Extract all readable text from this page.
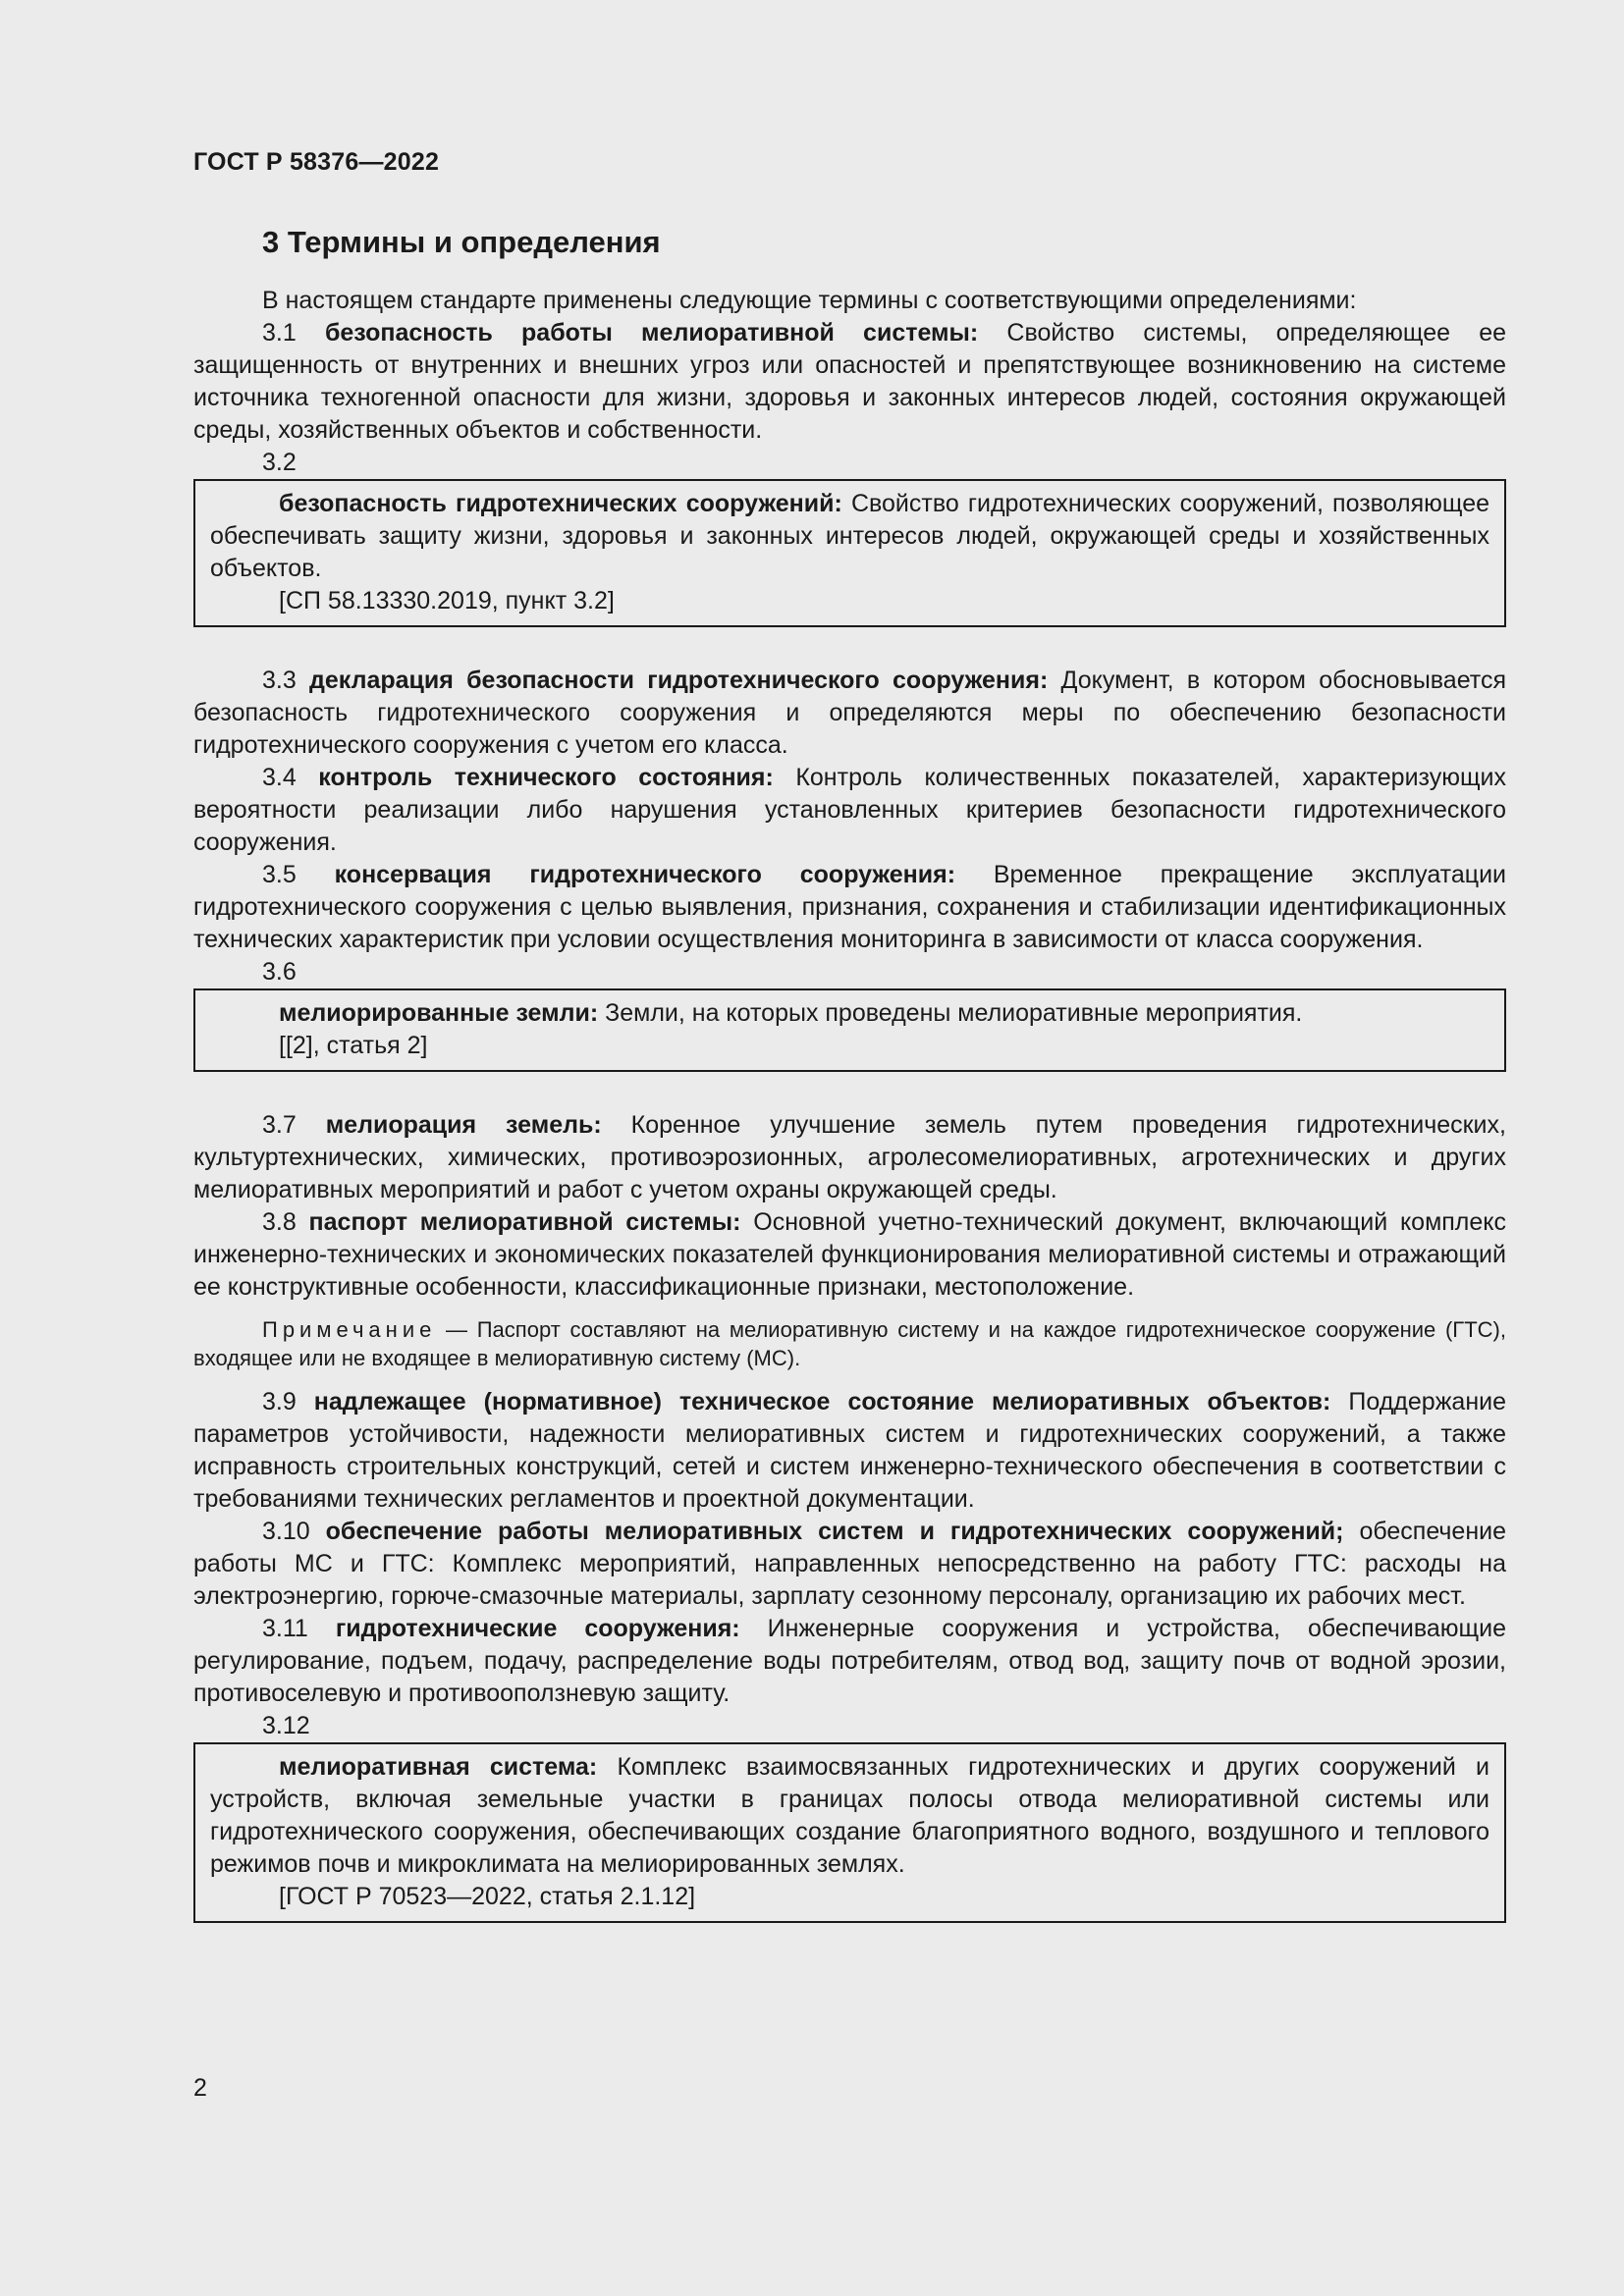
ГОСТ Р 58376—2022
3 Термины и определения

В настоящем стандарте применены следующие термины с соответствующими определениями:

3.1 безопасность работы мелиоративной системы: Свойство системы, определяющее ее защищенность от внутренних и внешних угроз или опасностей и препятствующее возникновению на системе источника техногенной опасности для жизни, здоровья и законных интересов людей, состояния окружающей среды, хозяйственных объектов и собственности.

3.2

безопасность гидротехнических сооружений: Свойство гидротехнических сооружений, позволяющее обеспечивать защиту жизни, здоровья и законных интересов людей, окружающей среды и хозяйственных объектов.

[СП 58.13330.2019, пункт 3.2]

3.3 декларация безопасности гидротехнического сооружения: Документ, в котором обосновывается безопасность гидротехнического сооружения и определяются меры по обеспечению безопасности гидротехнического сооружения с учетом его класса.

3.4 контроль технического состояния: Контроль количественных показателей, характеризующих вероятности реализации либо нарушения установленных критериев безопасности гидротехнического сооружения.

3.5 консервация гидротехнического сооружения: Временное прекращение эксплуатации гидротехнического сооружения с целью выявления, признания, сохранения и стабилизации идентификационных технических характеристик при условии осуществления мониторинга в зависимости от класса сооружения.

3.6

мелиорированные земли: Земли, на которых проведены мелиоративные мероприятия.

[[2], статья 2]

3.7 мелиорация земель: Коренное улучшение земель путем проведения гидротехнических, культуртехнических, химических, противоэрозионных, агролесомелиоративных, агротехнических и других мелиоративных мероприятий и работ с учетом охраны окружающей среды.

3.8 паспорт мелиоративной системы: Основной учетно-технический документ, включающий комплекс инженерно-технических и экономических показателей функционирования мелиоративной системы и отражающий ее конструктивные особенности, классификационные признаки, местоположение.

Примечание — Паспорт составляют на мелиоративную систему и на каждое гидротехническое сооружение (ГТС), входящее или не входящее в мелиоративную систему (МС).

3.9 надлежащее (нормативное) техническое состояние мелиоративных объектов: Поддержание параметров устойчивости, надежности мелиоративных систем и гидротехнических сооружений, а также исправность строительных конструкций, сетей и систем инженерно-технического обеспечения в соответствии с требованиями технических регламентов и проектной документации.

3.10 обеспечение работы мелиоративных систем и гидротехнических сооружений; обеспечение работы МС и ГТС: Комплекс мероприятий, направленных непосредственно на работу ГТС: расходы на электроэнергию, горюче-смазочные материалы, зарплату сезонному персоналу, организацию их рабочих мест.

3.11 гидротехнические сооружения: Инженерные сооружения и устройства, обеспечивающие регулирование, подъем, подачу, распределение воды потребителям, отвод вод, защиту почв от водной эрозии, противоселевую и противооползневую защиту.

3.12

мелиоративная система: Комплекс взаимосвязанных гидротехнических и других сооружений и устройств, включая земельные участки в границах полосы отвода мелиоративной системы или гидротехнического сооружения, обеспечивающих создание благоприятного водного, воздушного и теплового режимов почв и микроклимата на мелиорированных землях.

[ГОСТ Р 70523—2022, статья 2.1.12]

2
